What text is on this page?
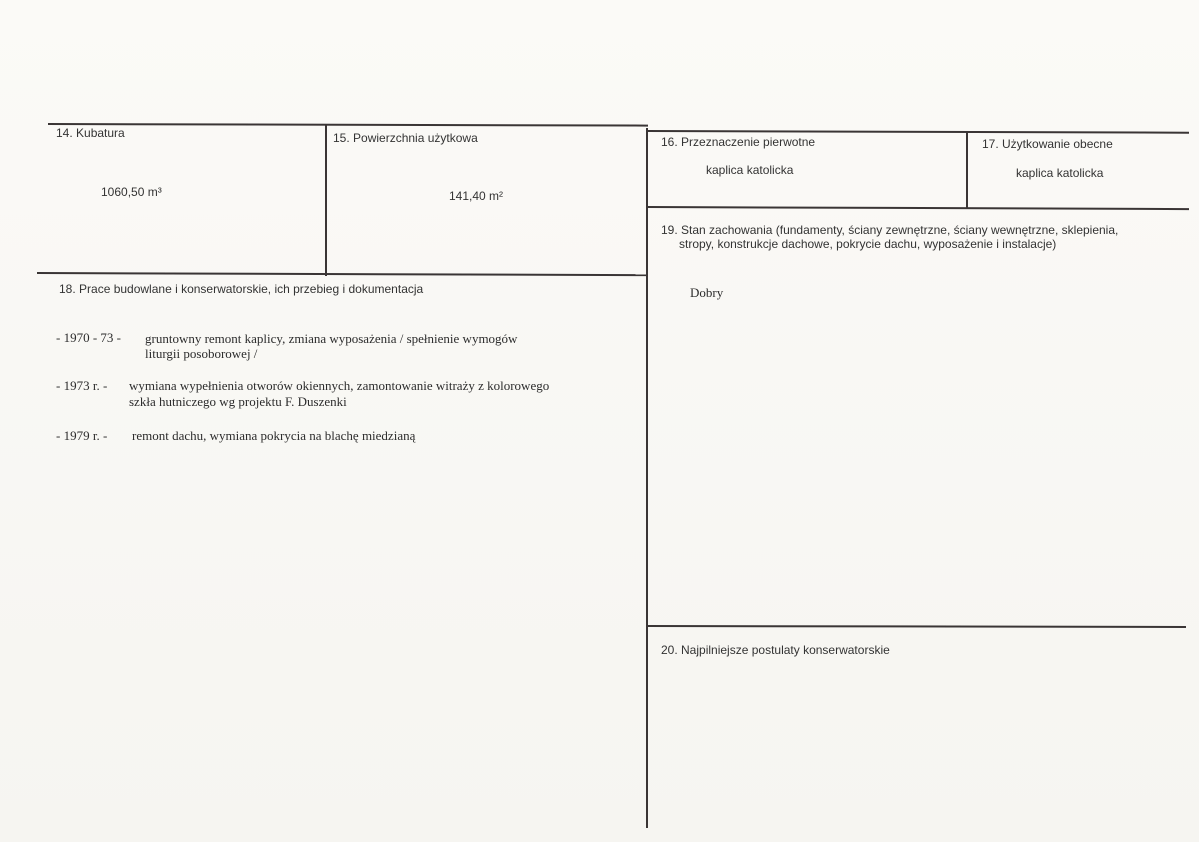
14. Kubatura
1060,50 m³
15. Powierzchnia użytkowa
141,40 m²
16. Przeznaczenie pierwotne
kaplica katolicka
17. Użytkowanie obecne
kaplica katolicka
18. Prace budowlane i konserwatorskie, ich przebieg i dokumentacja
- 1970 - 73 - gruntowny remont kaplicy, zmiana wyposażenia / spełnienie wymogów
liturgii posoborowej /
- 1973 r. - wymiana wypełnienia otworów okiennych, zamontowanie witraży z kolorowego
szkła hutniczego wg projektu F. Duszenki
- 1979 r. - remont dachu, wymiana pokrycia na blachę miedzianą
19. Stan zachowania (fundamenty, ściany zewnętrzne, ściany wewnętrzne, sklepienia,
stropy, konstrukcje dachowe, pokrycie dachu, wyposażenie i instalacje)
Dobry
20. Najpilniejsze postulaty konserwatorskie
